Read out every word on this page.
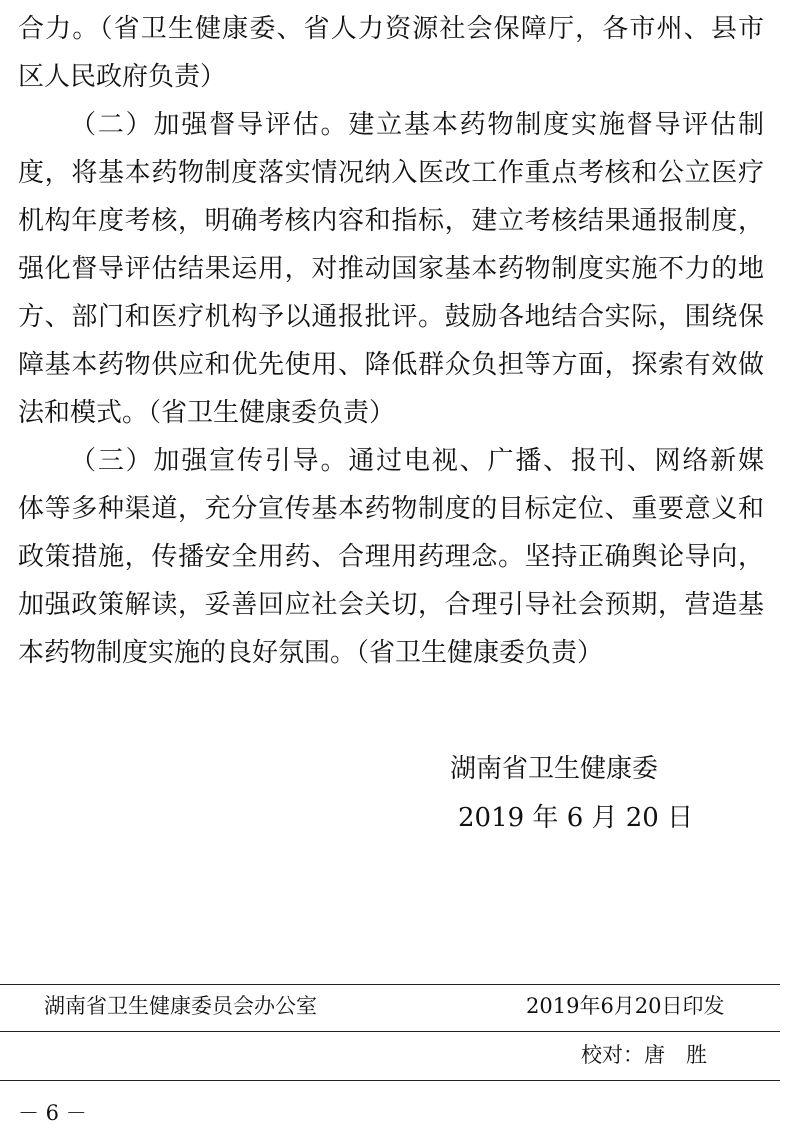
合力。（省卫生健康委、省人力资源社会保障厅，各市州、县市
区人民政府负责）
（二）加强督导评估。建立基本药物制度实施督导评估制
度，将基本药物制度落实情况纳入医改工作重点考核和公立医疗
机构年度考核，明确考核内容和指标，建立考核结果通报制度，
强化督导评估结果运用，对推动国家基本药物制度实施不力的地
方、部门和医疗机构予以通报批评。鼓励各地结合实际，围绕保
障基本药物供应和优先使用、降低群众负担等方面，探索有效做
法和模式。（省卫生健康委负责）
（三）加强宣传引导。通过电视、广播、报刊、网络新媒
体等多种渠道，充分宣传基本药物制度的目标定位、重要意义和
政策措施，传播安全用药、合理用药理念。坚持正确舆论导向，
加强政策解读，妥善回应社会关切，合理引导社会预期，营造基
本药物制度实施的良好氛围。（省卫生健康委负责）
湖南省卫生健康委
2019 年 6 月 20 日
湖南省卫生健康委员会办公室	2019年6月20日印发
校对：唐　胜
－ 6 －
